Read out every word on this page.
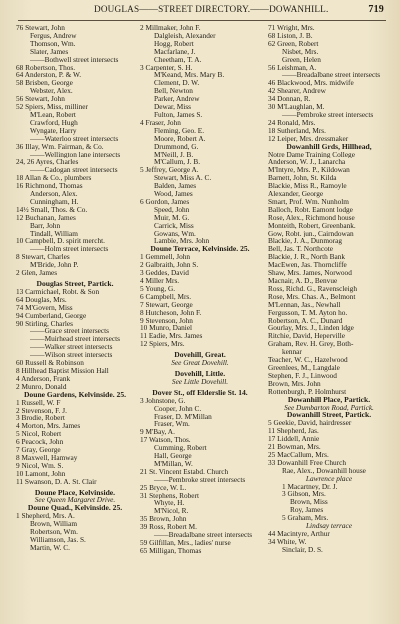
DOUGLAS——STREET DIRECTORY.——DOWANHILL.	719
76 Stewart, John
Fergus, Andrew
Thomson, Wm.
Slater, James
——Bothwell street intersects
68 Robertson, Thos.
64 Anderston, P. & W.
58 Brisben, George
Webster, Alex.
56 Stewart, John
52 Spiers, Miss, milliner
M'Lean, Robert
Crawford, Hugh
Wyngate, Harry
——Waterloo street intersects
36 Illay, Wm. Fairman, & Co.
——Wellington lane intersects
24, 26 Ayres, Charles
——Cadogan street intersects
18 Allan & Co., plumbers
16 Richmond, Thomas
Anderson, Alex.
Cunningham, H.
14½ Small, Thos. & Co.
12 Buchanan, James
Barr, John
Tindall, William
10 Campbell, D. spirit mercht.
——Holm street intersects
8 Stewart, Charles
M'Bride, John P.
2 Glen, James
Douglas Street, Partick.
13 Carmichael, Robt. & Son
64 Douglas, Mrs.
74 M'Govern, Miss
94 Cumberland, George
90 Stirling, Charles
——Grace street intersects
——Muirhead street intersects
——Walker street intersects
——Wilson street intersects
60 Russell & Robinson
8 Hillhead Baptist Mission Hall
4 Anderson, Frank
2 Munro, Donald
Doune Gardens, Kelvinside. 25.
1 Russell, W. F
2 Stevenson, F. J.
3 Brodie, Robert
4 Morton, Mrs. James
5 Nicol, Robert
6 Peacock, John
7 Gray, George
8 Maxwell, Hamway
9 Nicol, Wm. S.
10 Lamont, John
11 Swanson, D. A. St. Clair
Doune Place, Kelvinside.
See Queen Margaret Drive.
Doune Quad., Kelvinside. 25.
1 Shepherd, Mrs. A.
Brown, William
Robertson, Wm.
Williamson, Jas. S.
Martin, W. C.
2 Millmaker, John F.
Dalgleish, Alexander
Hogg, Robert
Macfarlane, J.
Cheetham, T. A.
3 Carpenter, S. H.
M'Keand, Mrs. Mary B.
Clement, D. W.
Bell, Newton
Parker, Andrew
Dewar, Miss
Fulton, James S.
4 Fraser, John
Fleming, Geo. E.
Moore, Robert A.
Drummond, G.
M'Neill, J. B.
M'Callum, J. B.
5 Jeffrey, George A.
Stewart, Miss A. C.
Balden, James
Wood, James
6 Gordon, James
Speed, John
Muir, M. G.
Carrick, Miss
Gowans, Wm.
Lambie, Mrs. John
Doune Terrace, Kelvinside. 25.
1 Gemmell, John
2 Galbraith, John S.
3 Geddes, David
4 Miller Mrs.
5 Young, G.
6 Campbell, Mrs.
7 Stewart, George
8 Hutcheson, John F.
9 Stevenson, John
10 Munro, Daniel
11 Eadie, Mrs. James
12 Spiers, Mrs.
Dovehill, Great.
See Great Dovehill.
Dovehill, Little.
See Little Dovehill.
Dover St., off Elderslie St. 14.
3 Johnstone, G.
Cooper, John C.
Fraser, D. M'Millan
Fraser, Wm.
9 M'Bay, A.
17 Watson, Thos.
Cumming, Robert
Hall, George
M'Millan, W.
21 St. Vincent Estabd. Church
——Pembroke street intersects
25 Bryce, W. L.
31 Stephens, Robert
Whyte, H.
M'Nicol, R.
35 Brown, John
39 Ross, Robert M.
——Breadalbane street intersects
59 Gilfillan, Mrs., ladies' nurse
65 Milligan, Thomas
71 Wright, Mrs.
68 Liston, J. B.
62 Green, Robert
Nisbet, Mrs.
Green, Helen
56 Leishman, A.
——Breadalbane street intersects
46 Blackwood, Mrs. midwife
42 Shearer, Andrew
34 Donnan, R.
30 M'Laughlan, M.
——Pembroke street intersects
24 Ronald, Mrs.
18 Sutherland, Mrs.
12 Leiper, Mrs. dressmaker
Dowanhill Grds, Hillhead,
Notre Dame Training College
Anderson, W. J., Lanarcha
M'Intyre, Mrs. P., Kildowan
Barnett, John, St. Kilda
Blackie, Miss R., Ramoyle
Alexander, George
Smart, Prof. Wm. Nunholm
Balloch, Robt. Eamont lodge
Rose, Alex., Richmond house
Monteith, Robert, Greenbank.
Gow, Robt. jun., Cairndowan
Blackie, J. A., Dunmorag
Bell, Jas. T. Northcote
Blackie, J. R., North Bank
MacEwen, Jas. Thorncliffe
Shaw, Mrs. James, Norwood
Macnair, A. D., Benvue
Ross, Richd. G., Ravenscleigh
Rose, Mrs. Chas. A., Belmont
M'Lennan, Jas., Newhall
Fergusson, T. M. Ayton ho.
Robertson, A. C., Dunard
Gourlay, Mrs. J., Linden ldge
Ritchie, David, Heperville
Graham, Rev. H. Grey, Both-
kennar
Teacher, W. C., Hazelwood
Greenlees, M., Langdale
Stephen, F. J., Linwood
Brown, Mrs. John
Rottenburgh, P. Holmhurst
Dowanhill Place, Partick.
See Dumbarton Road, Partick.
Dowanhill Street, Partick.
5 Geekie, David, hairdresser
11 Shepherd, Jas.
17 Liddell, Annie
21 Bowman, Mrs.
25 MacCallum, Mrs.
33 Dowanhill Free Church
Rae, Alex., Dowanhill house
Lawrence place
1 Macartney, Dr. J.
3 Gibson, Mrs.
Brown, Miss
Roy, James
5 Graham, Mrs.
Lindsay terrace
44 Macintyre, Arthur
34 White, W.
Sinclair, D. S.
